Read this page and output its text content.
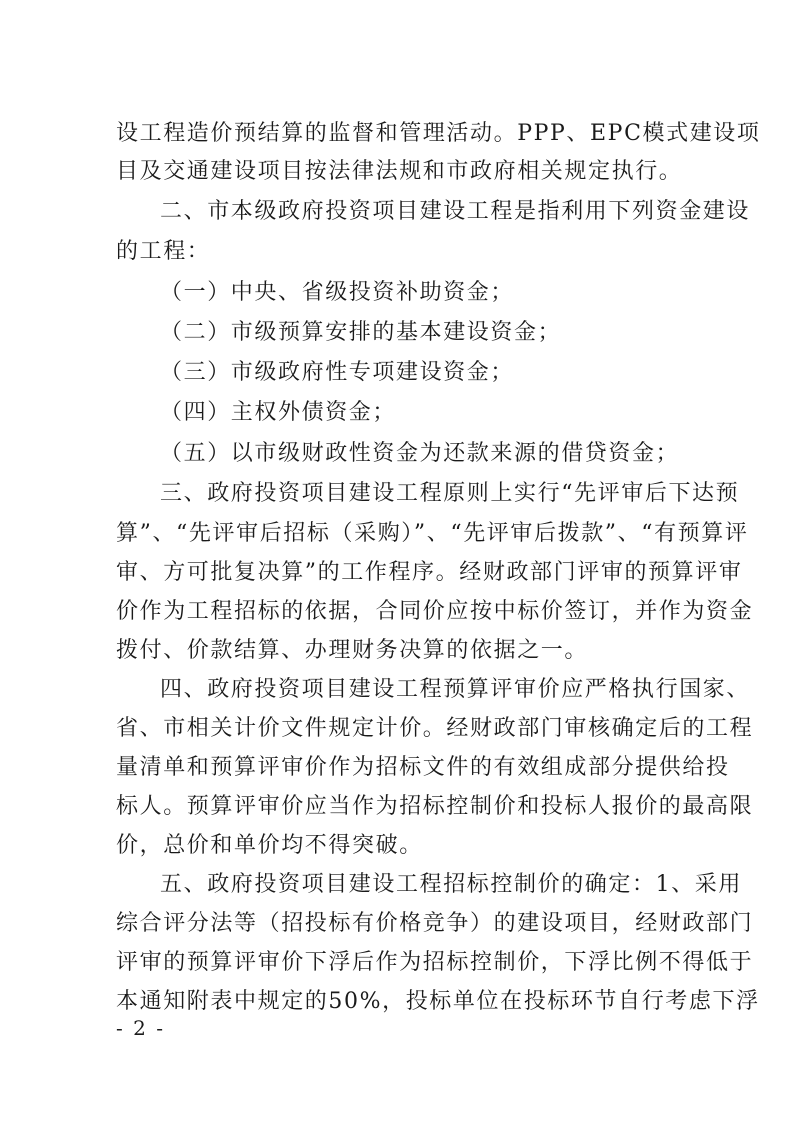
设工程造价预结算的监督和管理活动。PPP、EPC模式建设项
目及交通建设项目按法律法规和市政府相关规定执行。
二、市本级政府投资项目建设工程是指利用下列资金建设
的工程：
（一）中央、省级投资补助资金；
（二）市级预算安排的基本建设资金；
（三）市级政府性专项建设资金；
（四）主权外债资金；
（五）以市级财政性资金为还款来源的借贷资金；
三、政府投资项目建设工程原则上实行“先评审后下达预
算”、“先评审后招标（采购）”、“先评审后拨款”、“有预算评
审、方可批复决算”的工作程序。经财政部门评审的预算评审
价作为工程招标的依据，合同价应按中标价签订，并作为资金
拨付、价款结算、办理财务决算的依据之一。
四、政府投资项目建设工程预算评审价应严格执行国家、
省、市相关计价文件规定计价。经财政部门审核确定后的工程
量清单和预算评审价作为招标文件的有效组成部分提供给投
标人。预算评审价应当作为招标控制价和投标人报价的最高限
价，总价和单价均不得突破。
五、政府投资项目建设工程招标控制价的确定：1、采用
综合评分法等（招投标有价格竞争）的建设项目，经财政部门
评审的预算评审价下浮后作为招标控制价，下浮比例不得低于
本通知附表中规定的50%，投标单位在投标环节自行考虑下浮
- 2 -
